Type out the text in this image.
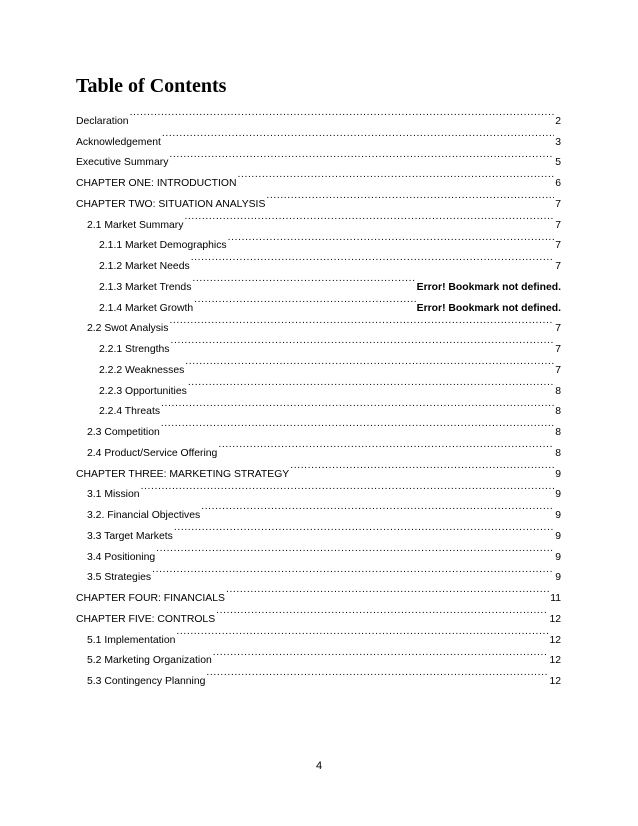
Table of Contents
Declaration .....	2
Acknowledgement .....	3
Executive Summary .....	5
CHAPTER ONE: INTRODUCTION .....	6
CHAPTER TWO: SITUATION ANALYSIS .....	7
2.1 Market Summary .....	7
2.1.1 Market Demographics .....	7
2.1.2 Market Needs .....	7
2.1.3 Market Trends .....	Error! Bookmark not defined.
2.1.4 Market Growth .....	Error! Bookmark not defined.
2.2 Swot Analysis .....	7
2.2.1 Strengths .....	7
2.2.2 Weaknesses .....	7
2.2.3 Opportunities .....	8
2.2.4 Threats .....	8
2.3 Competition .....	8
2.4 Product/Service Offering .....	8
CHAPTER THREE: MARKETING STRATEGY .....	9
3.1 Mission .....	9
3.2. Financial Objectives .....	9
3.3 Target Markets .....	9
3.4 Positioning .....	9
3.5 Strategies .....	9
CHAPTER FOUR: FINANCIALS .....	11
CHAPTER FIVE: CONTROLS .....	12
5.1 Implementation .....	12
5.2 Marketing Organization .....	12
5.3 Contingency Planning .....	12
4
